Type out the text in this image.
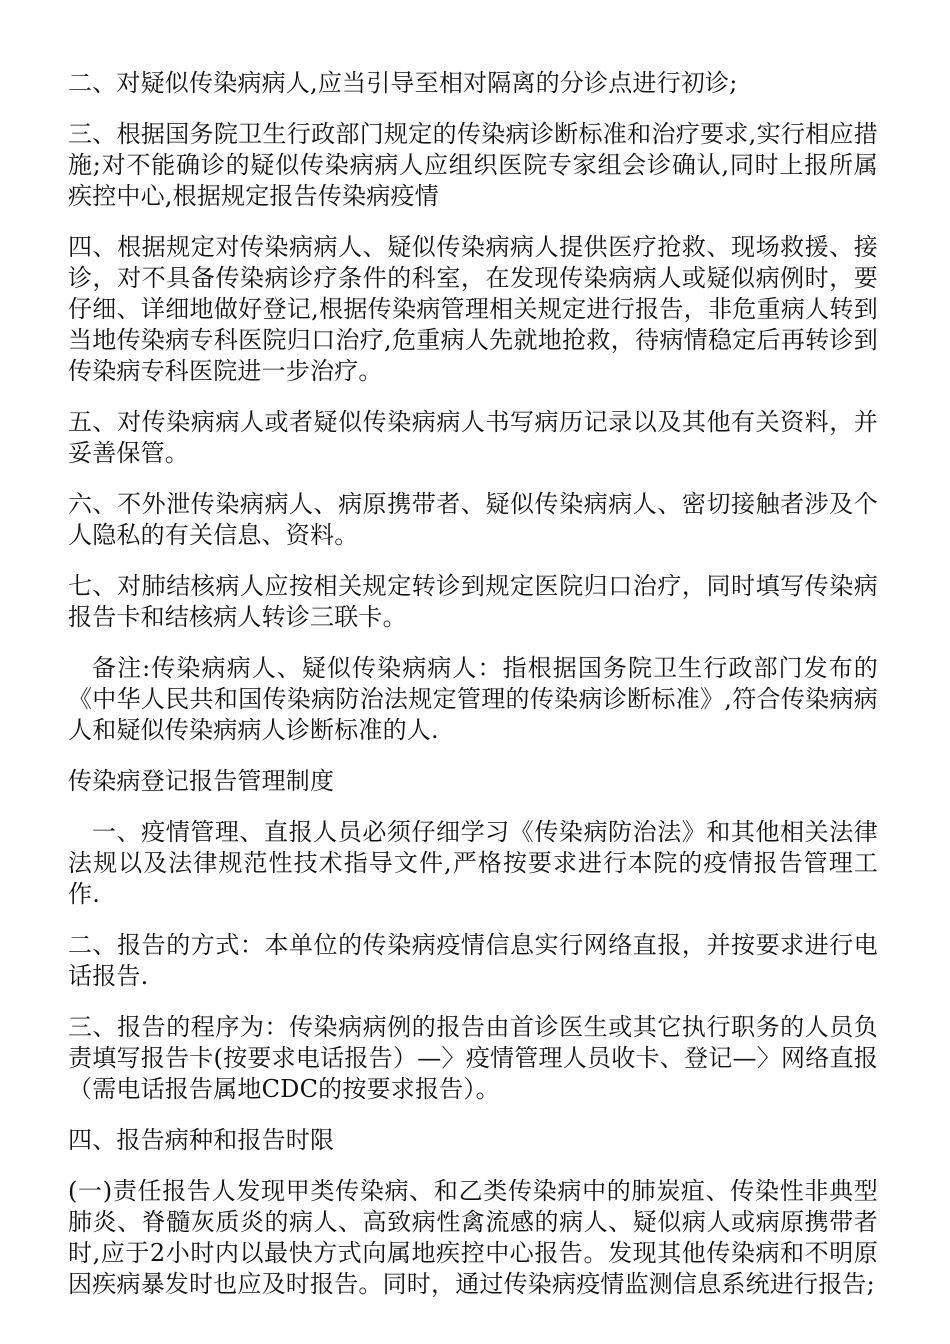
二、对疑似传染病病人,应当引导至相对隔离的分诊点进行初诊;

三、根据国务院卫生行政部门规定的传染病诊断标准和治疗要求,实行相应措施;对不能确诊的疑似传染病病人应组织医院专家组会诊确认,同时上报所属疾控中心,根据规定报告传染病疫情

四、根据规定对传染病病人、疑似传染病病人提供医疗抢救、现场救援、接诊，对不具备传染病诊疗条件的科室，在发现传染病病人或疑似病例时，要仔细、详细地做好登记,根据传染病管理相关规定进行报告，非危重病人转到当地传染病专科医院归口治疗,危重病人先就地抢救，待病情稳定后再转诊到传染病专科医院进一步治疗。

五、对传染病病人或者疑似传染病病人书写病历记录以及其他有关资料，并妥善保管。

六、不外泄传染病病人、病原携带者、疑似传染病病人、密切接触者涉及个人隐私的有关信息、资料。

七、对肺结核病人应按相关规定转诊到规定医院归口治疗，同时填写传染病报告卡和结核病人转诊三联卡。

备注:传染病病人、疑似传染病病人：指根据国务院卫生行政部门发布的《中华人民共和国传染病防治法规定管理的传染病诊断标准》,符合传染病病人和疑似传染病病人诊断标准的人.

传染病登记报告管理制度

一、疫情管理、直报人员必须仔细学习《传染病防治法》和其他相关法律法规以及法律规范性技术指导文件,严格按要求进行本院的疫情报告管理工作.

二、报告的方式：本单位的传染病疫情信息实行网络直报，并按要求进行电话报告.

三、报告的程序为：传染病病例的报告由首诊医生或其它执行职务的人员负责填写报告卡(按要求电话报告）—〉疫情管理人员收卡、登记—〉网络直报（需电话报告属地CDC的按要求报告）。

四、报告病种和报告时限

(一)责任报告人发现甲类传染病、和乙类传染病中的肺炭疽、传染性非典型肺炎、脊髓灰质炎的病人、高致病性禽流感的病人、疑似病人或病原携带者时,应于2小时内以最快方式向属地疾控中心报告。发现其他传染病和不明原因疾病暴发时也应及时报告。同时，通过传染病疫情监测信息系统进行报告;
